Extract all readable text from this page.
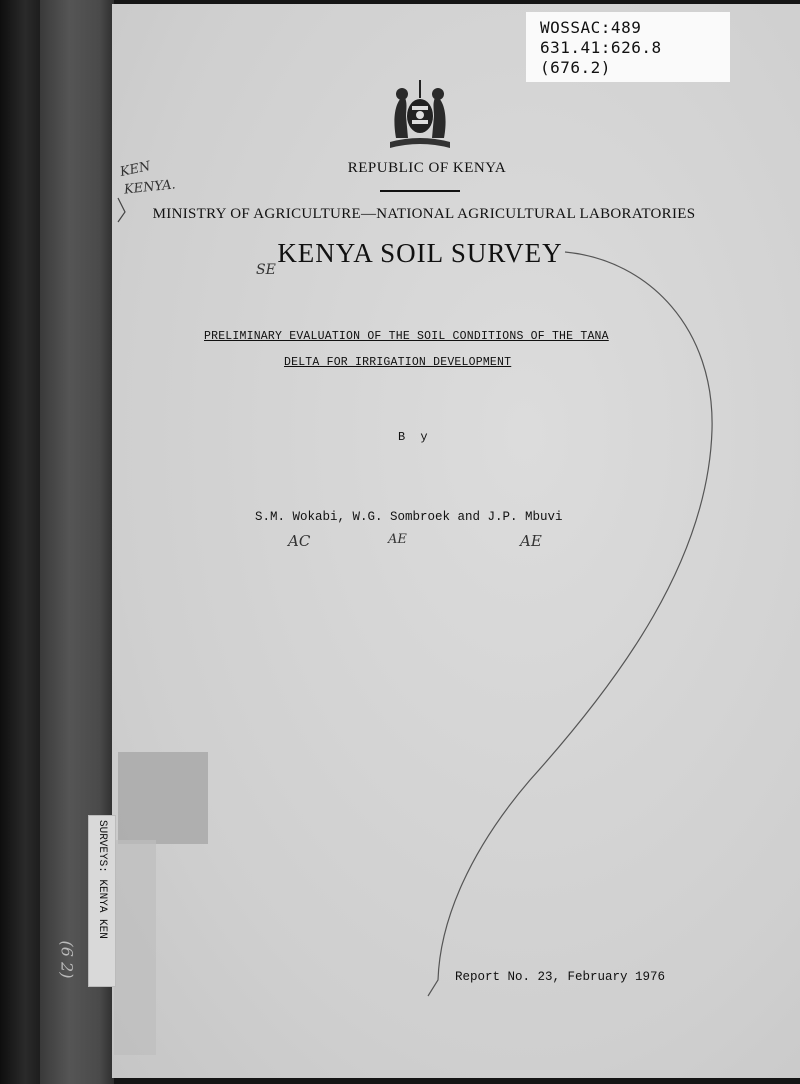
SURVEYS: KENYA KEN
WOSSAC:489
631.41:626.8
(676.2)
REPUBLIC OF KENYA
MINISTRY OF AGRICULTURE—NATIONAL AGRICULTURAL LABORATORIES
KENYA SOIL SURVEY
PRELIMINARY EVALUATION OF THE SOIL CONDITIONS OF THE TANA
DELTA FOR IRRIGATION DEVELOPMENT
B y
S.M. Wokabi, W.G. Sombroek and J.P. Mbuvi
Report No. 23, February 1976
KEN
KENYA.
SE
AC	AE	AE
(6 2)
